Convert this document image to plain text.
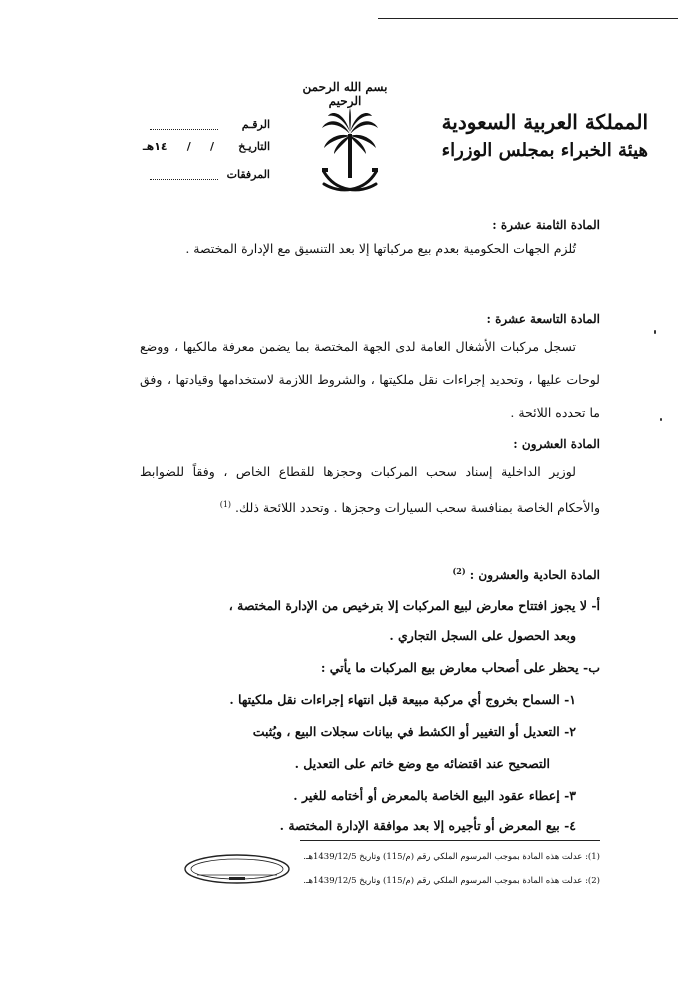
بسم الله الرحمن الرحيم
المملكة العربية السعودية
هيئة الخبراء بمجلس الوزراء
الرقـم
التاريـخ
/     /     ١٤هـ
المرفقات
المادة الثامنة عشرة :
تُلزم الجهات الحكومية بعدم بيع مركباتها إلا بعد التنسيق مع الإدارة المختصة .
المادة التاسعة عشرة :
تسجل مركبات الأشغال العامة لدى الجهة المختصة بما يضمن معرفة مالكيها ، ووضع لوحات عليها ، وتحديد إجراءات نقل ملكيتها ، والشروط اللازمة لاستخدامها وقيادتها ، وفق ما تحدده اللائحة .
المادة العشرون :
لوزير الداخلية إسناد سحب المركبات وحجزها للقطاع الخاص ، وفقاً للضوابط والأحكام الخاصة بمنافسة سحب السيارات وحجزها . وتحدد اللائحة ذلك. $^{(1)}$
المادة الحادية والعشرون : $^{(2)}$
أ- لا يجوز افتتاح معارض لبيع المركبات إلا بترخيص من الإدارة المختصة ،
وبعد الحصول على السجل التجاري .
ب- يحظر على أصحاب معارض بيع المركبات ما يأتي :
١- السماح بخروج أي مركبة مبيعة قبل انتهاء إجراءات نقل ملكيتها .
٢- التعديل أو التغيير أو الكشط في بيانات سجلات البيع ، ويُثبت
التصحيح عند اقتضائه مع وضع خاتم على التعديل .
٣- إعطاء عقود البيع الخاصة بالمعرض أو أختامه للغير .
٤- بيع المعرض أو تأجيره إلا بعد موافقة الإدارة المختصة .
(1): عدلت هذه المادة بموجب المرسوم الملكي رقم (م/115) وتاريخ 1439/12/5هـ.
(2): عدلت هذه المادة بموجب المرسوم الملكي رقم (م/115) وتاريخ 1439/12/5هـ.
